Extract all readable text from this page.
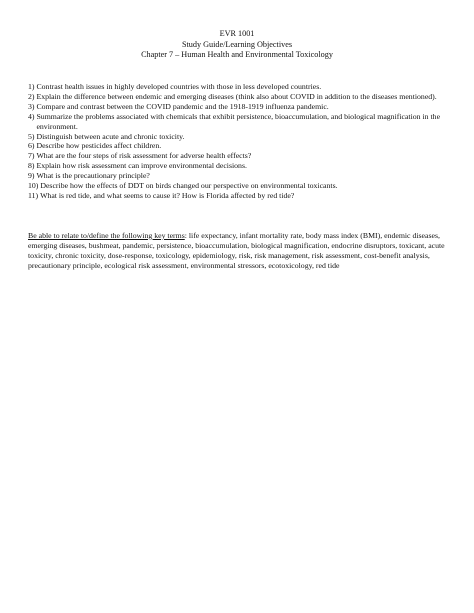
EVR 1001
Study Guide/Learning Objectives
Chapter 7 – Human Health and Environmental Toxicology
1) Contrast health issues in highly developed countries with those in less developed countries.
2) Explain the difference between endemic and emerging diseases (think also about COVID in addition to the diseases mentioned).
3) Compare and contrast between the COVID pandemic and the 1918-1919 influenza pandemic.
4) Summarize the problems associated with chemicals that exhibit persistence, bioaccumulation, and biological magnification in the environment.
5) Distinguish between acute and chronic toxicity.
6) Describe how pesticides affect children.
7) What are the four steps of risk assessment for adverse health effects?
8) Explain how risk assessment can improve environmental decisions.
9) What is the precautionary principle?
10) Describe how the effects of DDT on birds changed our perspective on environmental toxicants.
11) What is red tide, and what seems to cause it? How is Florida affected by red tide?

Be able to relate to/define the following key terms: life expectancy, infant mortality rate, body mass index (BMI), endemic diseases, emerging diseases, bushmeat, pandemic, persistence, bioaccumulation, biological magnification, endocrine disruptors, toxicant, acute toxicity, chronic toxicity, dose-response, toxicology, epidemiology, risk, risk management, risk assessment, cost-benefit analysis, precautionary principle, ecological risk assessment, environmental stressors, ecotoxicology, red tide
